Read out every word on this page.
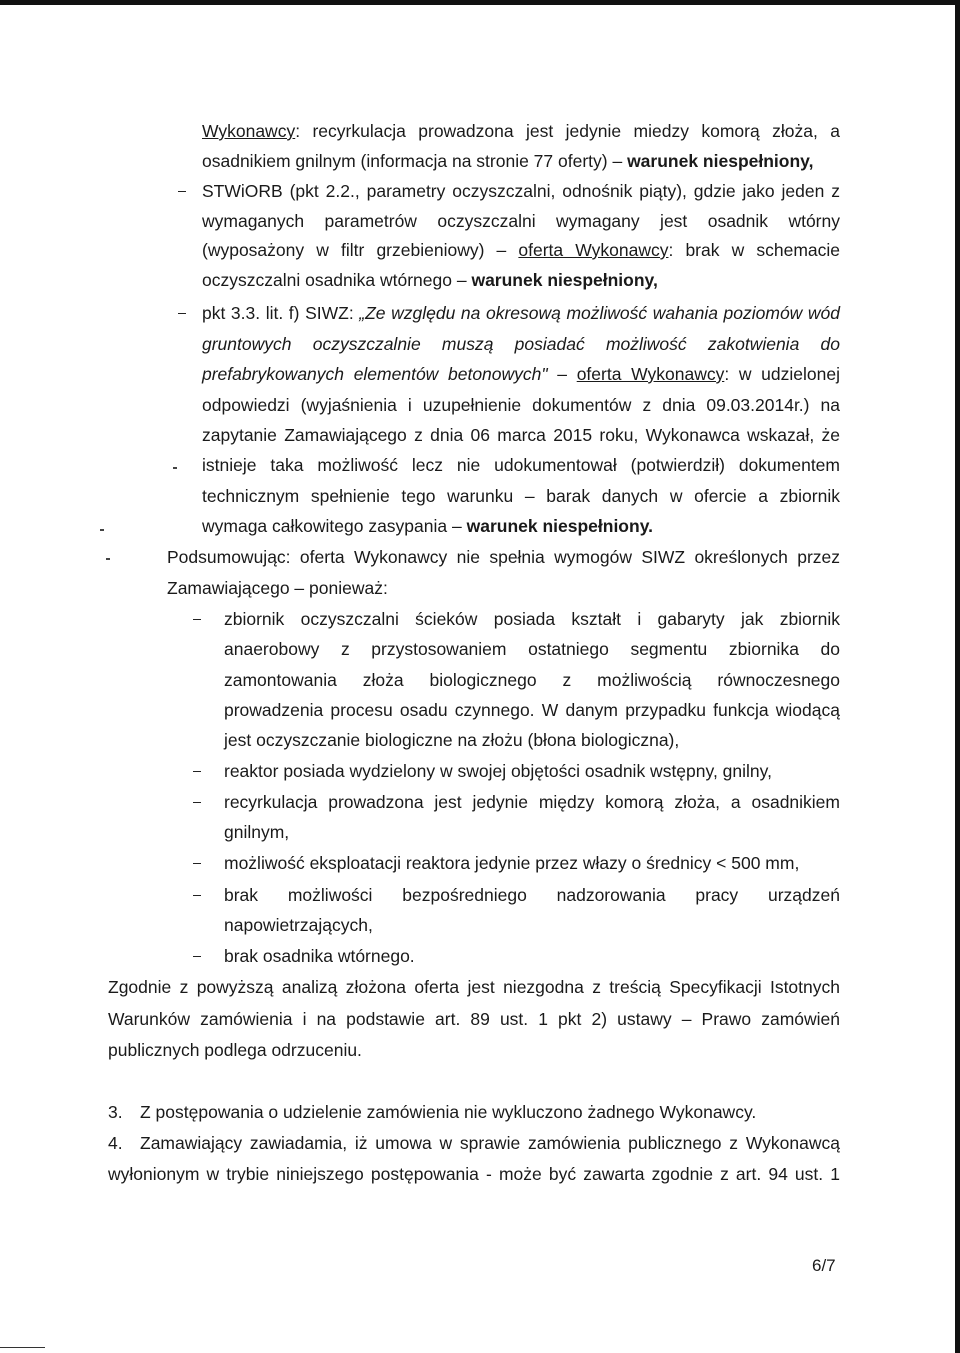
Wykonawcy: recyrkulacja prowadzona jest jedynie miedzy komorą złoża, a
osadnikiem gnilnym (informacja na stronie 77 oferty) – warunek niespełniony,
STWiORB (pkt 2.2., parametry oczyszczalni, odnośnik piąty), gdzie jako jeden z
wymaganych parametrów oczyszczalni wymagany jest osadnik wtórny
(wyposażony w filtr grzebieniowy) – oferta Wykonawcy: brak w schemacie
oczyszczalni osadnika wtórnego – warunek niespełniony,
pkt 3.3. lit. f) SIWZ: „Ze względu na okresową możliwość wahania poziomów wód
gruntowych oczyszczalnie muszą posiadać możliwość zakotwienia do
prefabrykowanych elementów betonowych" – oferta Wykonawcy: w udzielonej
odpowiedzi (wyjaśnienia i uzupełnienie dokumentów z dnia 09.03.2014r.) na
zapytanie Zamawiającego z dnia 06 marca 2015 roku, Wykonawca wskazał, że
istnieje taka możliwość lecz nie udokumentował (potwierdził) dokumentem
technicznym spełnienie tego warunku – barak danych w ofercie a zbiornik
wymaga całkowitego zasypania – warunek niespełniony.
Podsumowując: oferta Wykonawcy nie spełnia wymogów SIWZ określonych przez
Zamawiającego – ponieważ:
zbiornik oczyszczalni ścieków posiada kształt i gabaryty jak zbiornik
anaerobowy z przystosowaniem ostatniego segmentu zbiornika do
zamontowania złoża biologicznego z możliwością równoczesnego
prowadzenia procesu osadu czynnego. W danym przypadku funkcja wiodącą
jest oczyszczanie biologiczne na złożu (błona biologiczna),
reaktor posiada wydzielony w swojej objętości osadnik wstępny, gnilny,
recyrkulacja prowadzona jest jedynie między komorą złoża, a osadnikiem
gnilnym,
możliwość eksploatacji reaktora jedynie przez włazy o średnicy < 500 mm,
brak możliwości bezpośredniego nadzorowania pracy urządzeń
napowietrzających,
brak osadnika wtórnego.
Zgodnie z powyższą analizą złożona oferta jest niezgodna z treścią Specyfikacji Istotnych
Warunków zamówienia i na podstawie art. 89 ust. 1 pkt 2) ustawy – Prawo zamówień
publicznych podlega odrzuceniu.
3. Z postępowania o udzielenie zamówienia nie wykluczono żadnego Wykonawcy.
4. Zamawiający zawiadamia, iż umowa w sprawie zamówienia publicznego z Wykonawcą
wyłonionym w trybie niniejszego postępowania - może być zawarta zgodnie z art. 94 ust. 1
6/7
